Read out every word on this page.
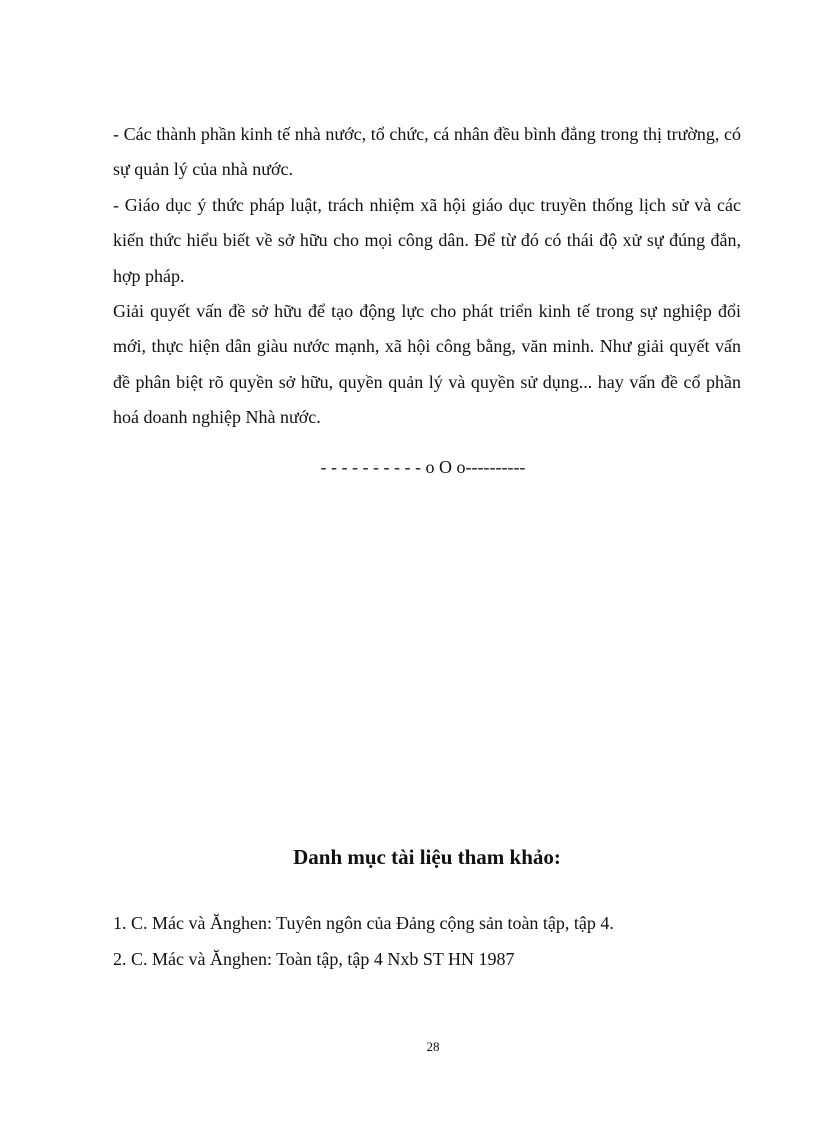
- Các thành phần kinh tế nhà nước, tổ chức, cá nhân đều bình đẳng trong thị trường, có sự quản lý của nhà nước.

- Giáo dục ý thức pháp luật, trách nhiệm xã hội giáo dục truyền thống lịch sử và các kiến thức hiểu biết về sở hữu cho mọi công dân. Để từ đó có thái độ xử sự đúng đắn, hợp pháp.

Giải quyết vấn đề sở hữu để tạo động lực cho phát triển kinh tế trong sự nghiệp đổi mới, thực hiện dân giàu nước mạnh, xã hội công bằng, văn minh. Như giải quyết vấn đề phân biệt rõ quyền sở hữu, quyền quản lý và quyền sử dụng... hay vấn đề cổ phần hoá doanh nghiệp Nhà nước.

- - - - - - - - - - o O o----------
Danh mục tài liệu tham khảo:
1. C. Mác và Ănghen: Tuyên ngôn của Đảng cộng sản toàn tập, tập 4.
2. C. Mác và Ănghen: Toàn tập, tập 4 Nxb ST HN 1987
28
